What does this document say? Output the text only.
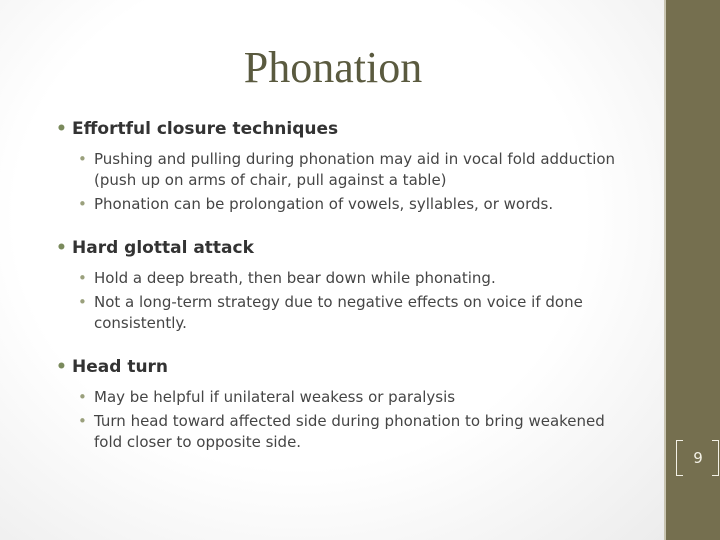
Phonation
• Effortful closure techniques
• Pushing and pulling during phonation may aid in vocal fold adduction (push up on arms of chair, pull against a table)
• Phonation can be prolongation of vowels, syllables, or words.
• Hard glottal attack
• Hold a deep breath, then bear down while phonating.
• Not a long-term strategy due to negative effects on voice if done consistently.
• Head turn
• May be helpful if unilateral weakess or paralysis
• Turn head toward affected side during phonation to bring weakened fold closer to opposite side.
9
